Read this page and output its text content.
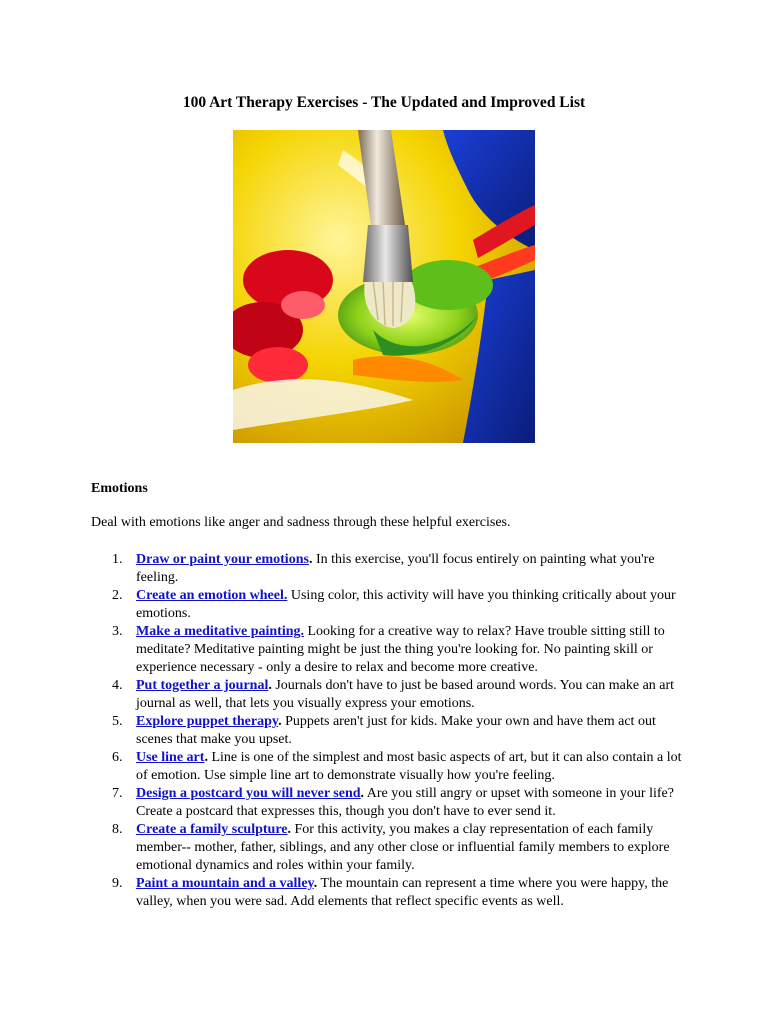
100 Art Therapy Exercises - The Updated and Improved List
Emotions
Deal with emotions like anger and sadness through these helpful exercises.
1. Draw or paint your emotions. In this exercise, you'll focus entirely on painting what you're feeling.
2. Create an emotion wheel. Using color, this activity will have you thinking critically about your emotions.
3. Make a meditative painting. Looking for a creative way to relax? Have trouble sitting still to meditate? Meditative painting might be just the thing you're looking for. No painting skill or experience necessary - only a desire to relax and become more creative.
4. Put together a journal. Journals don't have to just be based around words. You can make an art journal as well, that lets you visually express your emotions.
5. Explore puppet therapy. Puppets aren't just for kids. Make your own and have them act out scenes that make you upset.
6. Use line art. Line is one of the simplest and most basic aspects of art, but it can also contain a lot of emotion. Use simple line art to demonstrate visually how you're feeling.
7. Design a postcard you will never send. Are you still angry or upset with someone in your life? Create a postcard that expresses this, though you don't have to ever send it.
8. Create a family sculpture. For this activity, you makes a clay representation of each family member-- mother, father, siblings, and any other close or influential family members to explore emotional dynamics and roles within your family.
9. Paint a mountain and a valley. The mountain can represent a time where you were happy, the valley, when you were sad. Add elements that reflect specific events as well.
